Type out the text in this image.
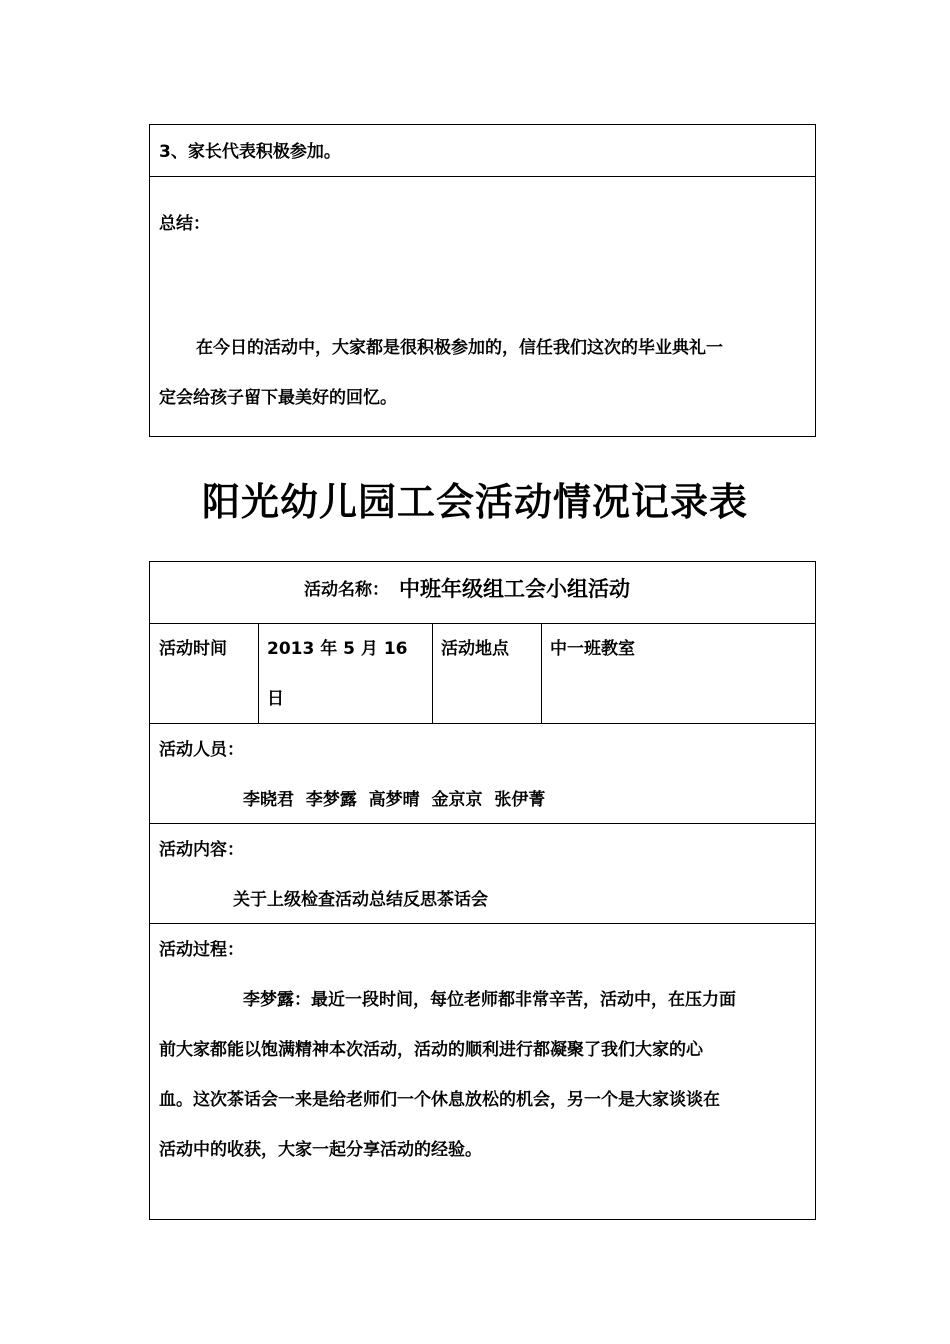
3、家长代表积极参加。
总结：
在今日的活动中，大家都是很积极参加的，信任我们这次的毕业典礼一
定会给孩子留下最美好的回忆。
阳光幼儿园工会活动情况记录表
活动名称： 中班年级组工会小组活动
活动时间 2013 年 5 月 16
日
活动地点 中一班教室
活动人员：
李晓君  李梦露  高梦晴  金京京  张伊菁
活动内容：
关于上级检查活动总结反思茶话会
活动过程：
李梦露：最近一段时间，每位老师都非常辛苦，活动中，在压力面
前大家都能以饱满精神本次活动，活动的顺利进行都凝聚了我们大家的心
血。这次茶话会一来是给老师们一个休息放松的机会，另一个是大家谈谈在
活动中的收获，大家一起分享活动的经验。
